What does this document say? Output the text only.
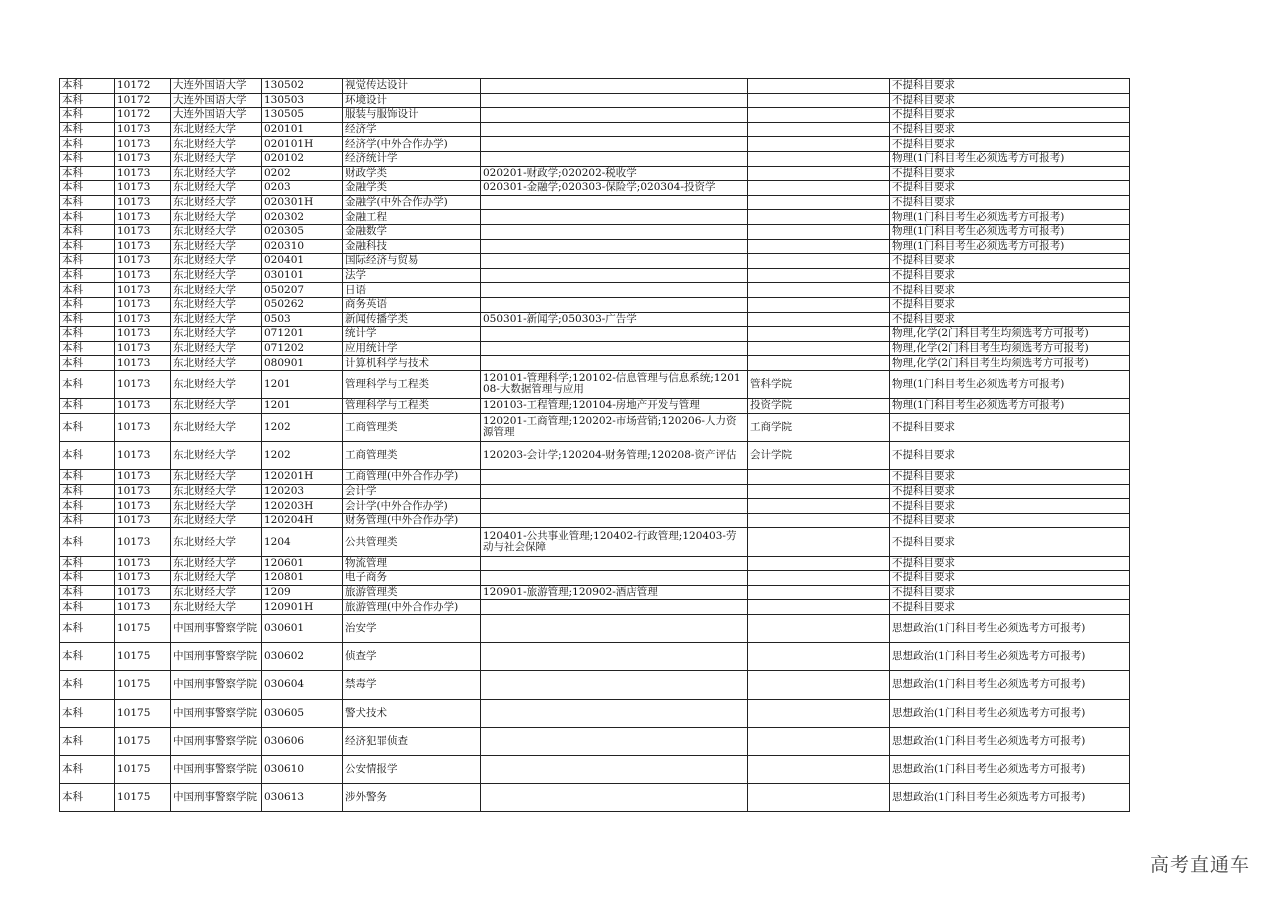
本科	10172	大连外国语大学	130502	视觉传达设计			不提科目要求
本科	10172	大连外国语大学	130503	环境设计			不提科目要求
本科	10172	大连外国语大学	130505	服装与服饰设计			不提科目要求
本科	10173	东北财经大学	020101	经济学			不提科目要求
本科	10173	东北财经大学	020101H	经济学(中外合作办学)			不提科目要求
本科	10173	东北财经大学	020102	经济统计学			物理(1门科目考生必须选考方可报考)
本科	10173	东北财经大学	0202	财政学类	020201-财政学;020202-税收学		不提科目要求
本科	10173	东北财经大学	0203	金融学类	020301-金融学;020303-保险学;020304-投资学		不提科目要求
本科	10173	东北财经大学	020301H	金融学(中外合作办学)			不提科目要求
本科	10173	东北财经大学	020302	金融工程			物理(1门科目考生必须选考方可报考)
本科	10173	东北财经大学	020305	金融数学			物理(1门科目考生必须选考方可报考)
本科	10173	东北财经大学	020310	金融科技			物理(1门科目考生必须选考方可报考)
本科	10173	东北财经大学	020401	国际经济与贸易			不提科目要求
本科	10173	东北财经大学	030101	法学			不提科目要求
本科	10173	东北财经大学	050207	日语			不提科目要求
本科	10173	东北财经大学	050262	商务英语			不提科目要求
本科	10173	东北财经大学	0503	新闻传播学类	050301-新闻学;050303-广告学		不提科目要求
本科	10173	东北财经大学	071201	统计学			物理,化学(2门科目考生均须选考方可报考)
本科	10173	东北财经大学	071202	应用统计学			物理,化学(2门科目考生均须选考方可报考)
本科	10173	东北财经大学	080901	计算机科学与技术			物理,化学(2门科目考生均须选考方可报考)
本科	10173	东北财经大学	1201	管理科学与工程类	120101-管理科学;120102-信息管理与信息系统;120108-大数据管理与应用	管科学院	物理(1门科目考生必须选考方可报考)
本科	10173	东北财经大学	1201	管理科学与工程类	120103-工程管理;120104-房地产开发与管理	投资学院	物理(1门科目考生必须选考方可报考)
本科	10173	东北财经大学	1202	工商管理类	120201-工商管理;120202-市场营销;120206-人力资源管理	工商学院	不提科目要求
本科	10173	东北财经大学	1202	工商管理类	120203-会计学;120204-财务管理;120208-资产评估	会计学院	不提科目要求
本科	10173	东北财经大学	120201H	工商管理(中外合作办学)			不提科目要求
本科	10173	东北财经大学	120203	会计学			不提科目要求
本科	10173	东北财经大学	120203H	会计学(中外合作办学)			不提科目要求
本科	10173	东北财经大学	120204H	财务管理(中外合作办学)			不提科目要求
本科	10173	东北财经大学	1204	公共管理类	120401-公共事业管理;120402-行政管理;120403-劳动与社会保障		不提科目要求
本科	10173	东北财经大学	120601	物流管理			不提科目要求
本科	10173	东北财经大学	120801	电子商务			不提科目要求
本科	10173	东北财经大学	1209	旅游管理类	120901-旅游管理;120902-酒店管理		不提科目要求
本科	10173	东北财经大学	120901H	旅游管理(中外合作办学)			不提科目要求
本科	10175	中国刑事警察学院	030601	治安学			思想政治(1门科目考生必须选考方可报考)
本科	10175	中国刑事警察学院	030602	侦查学			思想政治(1门科目考生必须选考方可报考)
本科	10175	中国刑事警察学院	030604	禁毒学			思想政治(1门科目考生必须选考方可报考)
本科	10175	中国刑事警察学院	030605	警犬技术			思想政治(1门科目考生必须选考方可报考)
本科	10175	中国刑事警察学院	030606	经济犯罪侦查			思想政治(1门科目考生必须选考方可报考)
本科	10175	中国刑事警察学院	030610	公安情报学			思想政治(1门科目考生必须选考方可报考)
本科	10175	中国刑事警察学院	030613	涉外警务			思想政治(1门科目考生必须选考方可报考)
高考直通车
